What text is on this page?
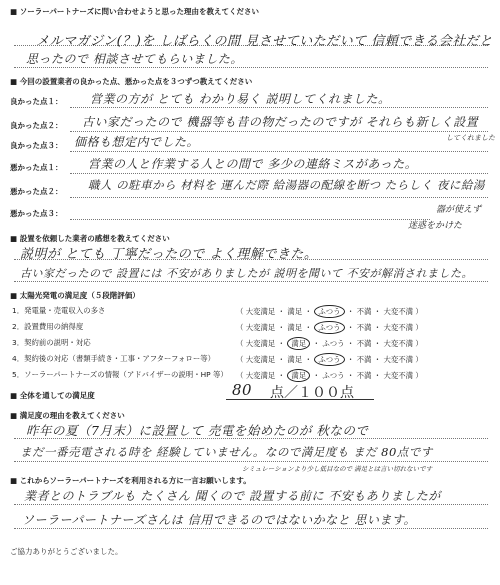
■ ソーラーパートナーズに問い合わせようと思った理由を教えてください
メルマガジン(？)を しばらくの間 見させていただいて 信頼できる会社だと
思ったので 相談させてもらいました。
■ 今回の設置業者の良かった点、悪かった点を３つずつ教えてください
良かった点１： 営業の方が とても わかり易く 説明してくれました。
良かった点２： 古い家だったので 機器等も昔の物だったのですが それらも新しく設置
してくれました
良かった点３： 価格も想定内でした。
悪かった点１： 営業の人と作業する人との間で 多少の連絡ミスがあった。
悪かった点２： 職人 の駐車から 材料を 運んだ際 給湯器の配線を断つ たらしく 夜に給湯
悪かった点３：	器が使えず
迷惑をかけた
■ 設置を依頼した業者の感想を教えてください
説明が とても 丁寧だったので よく理解できた。
古い家だったので 設置には 不安がありましたが 説明を聞いて 不安が解消されました。
■ 太陽光発電の満足度（５段階評価）
1．発電量・売電収入の多さ	（ 大変満足 ・ 満足 ・ ふつう ・ 不満 ・ 大変不満 ）
2．設置費用の納得度	（ 大変満足 ・ 満足 ・ ふつう ・ 不満 ・ 大変不満 ）
3．契約前の説明・対応	（ 大変満足 ・ 満足 ・ ふつう ・ 不満 ・ 大変不満 ）
4．契約後の対応（書類手続き・工事・アフターフォロー等）	（ 大変満足 ・ 満足 ・ ふつう ・ 不満 ・ 大変不満 ）
5．ソーラーパートナーズの情報（アドバイザーの説明・HP 等） （ 大変満足 ・ 満足 ・ ふつう ・ 不満 ・ 大変不満 ）
■ 全体を通しての満足度	80 点／１００点
■ 満足度の理由を教えてください
昨年の夏（7月末）に設置して 売電を始めたのが 秋なので
まだ一番売電される時を 経験していません。なので満足度も まだ 80点です
シミュレーションより少し低目なので 満足とは言い切れないです
■ これからソーラーパートナーズを利用される方に一言お願いします。
業者とのトラブルも たくさん 聞くので 設置する前に 不安もありましたが
ソーラーパートナーズさんは 信用できるのではないかなと 思います。
ご協力ありがとうございました。
